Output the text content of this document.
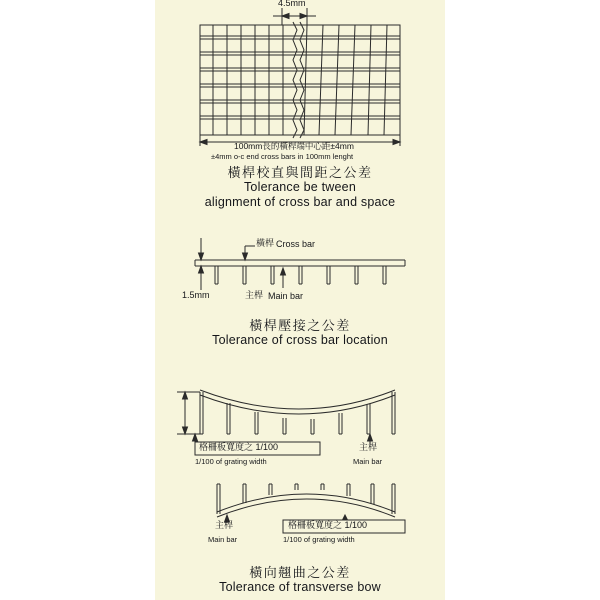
4.5mm
100mm長的橫桿端中心距±4mm
±4mm o-c end cross bars in 100mm lenght
橫桿校直與間距之公差
Tolerance be tween
alignment of cross bar and space
橫桿 Cross bar
1.5mm	主桿 Main bar
橫桿壓接之公差
Tolerance of cross bar location
格柵板寬度之 1/100
1/100 of grating width
主桿
Main bar
主桿
Main bar
格柵板寬度之 1/100
1/100 of grating width
橫向翹曲之公差
Tolerance of transverse bow
